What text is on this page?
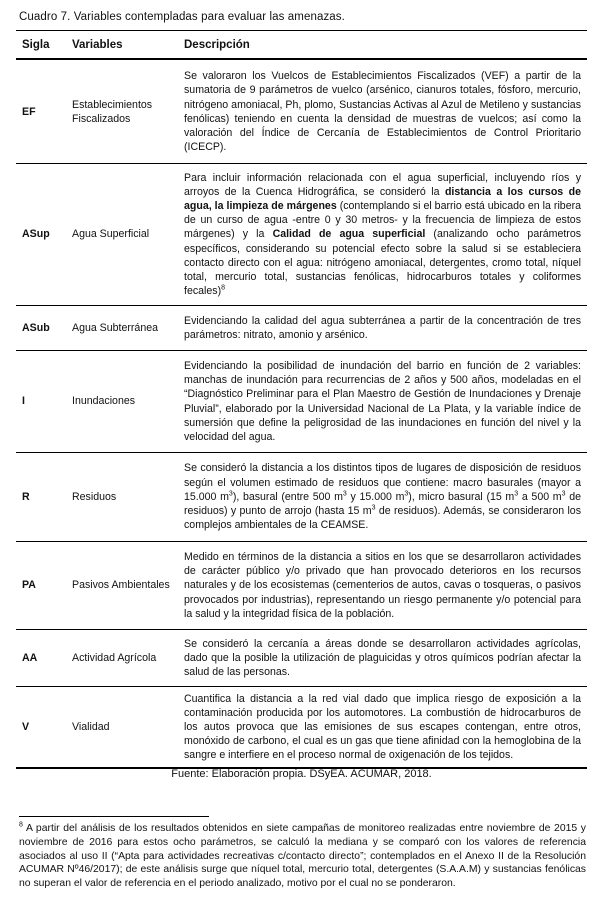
Cuadro 7. Variables contempladas para evaluar las amenazas.
Sigla	Variables	Descripción
EF	Establecimientos Fiscalizados	Se valoraron los Vuelcos de Establecimientos Fiscalizados (VEF) a partir de la sumatoria de 9 parámetros de vuelco (arsénico, cianuros totales, fósforo, mercurio, nitrógeno amoniacal, Ph, plomo, Sustancias Activas al Azul de Metileno y sustancias fenólicas) teniendo en cuenta la densidad de muestras de vuelcos; así como la valoración del Índice de Cercanía de Establecimientos de Control Prioritario (ICECP).
ASup	Agua Superficial	Para incluir información relacionada con el agua superficial, incluyendo ríos y arroyos de la Cuenca Hidrográfica, se consideró la distancia a los cursos de agua, la limpieza de márgenes (contemplando si el barrio está ubicado en la ribera de un curso de agua -entre 0 y 30 metros- y la frecuencia de limpieza de estos márgenes) y la Calidad de agua superficial (analizando ocho parámetros específicos, considerando su potencial efecto sobre la salud si se estableciera contacto directo con el agua: nitrógeno amoniacal, detergentes, cromo total, níquel total, mercurio total, sustancias fenólicas, hidrocarburos totales y coliformes fecales)$^8$
ASub	Agua Subterránea	Evidenciando la calidad del agua subterránea a partir de la concentración de tres parámetros: nitrato, amonio y arsénico.
I	Inundaciones	Evidenciando la posibilidad de inundación del barrio en función de 2 variables: manchas de inundación para recurrencias de 2 años y 500 años, modeladas en el “Diagnóstico Preliminar para el Plan Maestro de Gestión de Inundaciones y Drenaje Pluvial”, elaborado por la Universidad Nacional de La Plata, y la variable índice de sumersión que define la peligrosidad de las inundaciones en función del nivel y la velocidad del agua.
R	Residuos	Se consideró la distancia a los distintos tipos de lugares de disposición de residuos según el volumen estimado de residuos que contiene: macro basurales (mayor a 15.000 $m^3$), basural (entre 500 $m^3$ y 15.000 $m^3$), micro basural (15 $m^3$ a 500 $m^3$ de residuos) y punto de arrojo (hasta 15 $m^3$ de residuos). Además, se consideraron los complejos ambientales de la CEAMSE.
PA	Pasivos Ambientales	Medido en términos de la distancia a sitios en los que se desarrollaron actividades de carácter público y/o privado que han provocado deterioros en los recursos naturales y de los ecosistemas (cementerios de autos, cavas o tosqueras, o pasivos provocados por industrias), representando un riesgo permanente y/o potencial para la salud y la integridad física de la población.
AA	Actividad Agrícola	Se consideró la cercanía a áreas donde se desarrollaron actividades agrícolas, dado que la posible la utilización de plaguicidas y otros químicos podrían afectar la salud de las personas.
V	Vialidad	Cuantifica la distancia a la red vial dado que implica riesgo de exposición a la contaminación producida por los automotores. La combustión de hidrocarburos de los autos provoca que las emisiones de sus escapes contengan, entre otros, monóxido de carbono, el cual es un gas que tiene afinidad con la hemoglobina de la sangre e interfiere en el proceso normal de oxigenación de los tejidos.
Fuente: Elaboración propia. DSyEA. ACUMAR, 2018.
$^8$ A partir del análisis de los resultados obtenidos en siete campañas de monitoreo realizadas entre noviembre de 2015 y noviembre de 2016 para estos ocho parámetros, se calculó la mediana y se comparó con los valores de referencia asociados al uso II (“Apta para actividades recreativas c/contacto directo”; contemplados en el Anexo II de la Resolución ACUMAR Nº46/2017); de este análisis surge que níquel total, mercurio total, detergentes (S.A.A.M) y sustancias fenólicas no superan el valor de referencia en el periodo analizado, motivo por el cual no se ponderaron.
